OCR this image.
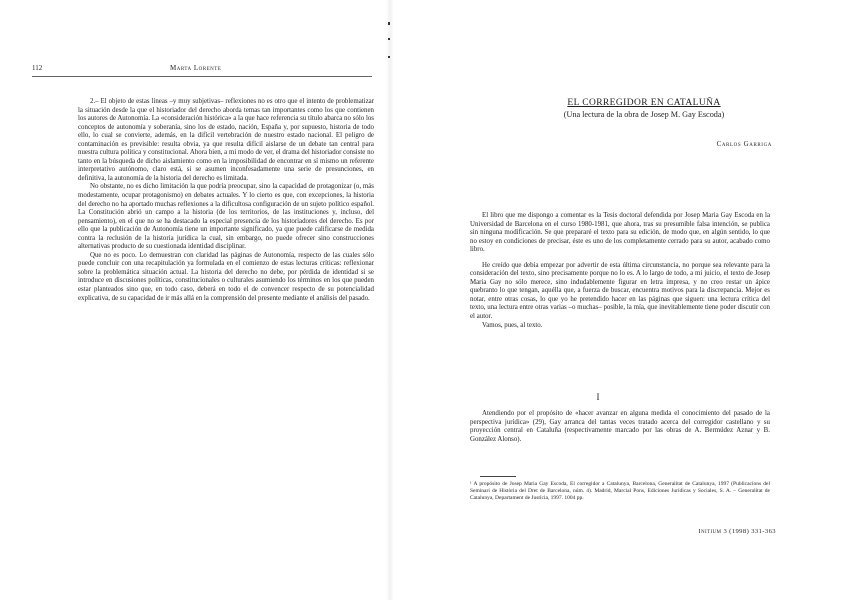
112	Marta Lorente

2.– El objeto de estas líneas –y muy subjetivas– reflexiones no es otro que el intento de problematizar la situación desde la que el historiador del derecho aborda temas tan importantes como los que contienen los autores de Autonomía. La «consideración histórica» a la que hace referencia su título abarca no sólo los conceptos de autonomía y soberanía, sino los de estado, nación, España y, por supuesto, historia de todo ello, lo cual se convierte, además, en la difícil vertebración de nuestro estado nacional. El peligro de contaminación es previsible: resulta obvia, ya que resulta difícil aislarse de un debate tan central para nuestra cultura política y constitucional. Ahora bien, a mi modo de ver, el drama del historiador consiste no tanto en la búsqueda de dicho aislamiento como en la imposibilidad de encontrar en sí mismo un referente interpretativo autónomo, claro está, si se asumen inconfesadamente una serie de presunciones, en definitiva, la autonomía de la historia del derecho es limitada.

No obstante, no es dicho limitación la que podría preocupar, sino la capacidad de protagonizar (o, más modestamente, ocupar protagonismo) en debates actuales. Y lo cierto es que, con excepciones, la historia del derecho no ha aportado muchas reflexiones a la dificultosa configuración de un sujeto político español. La Constitución abrió un campo a la historia (de los territorios, de las instituciones y, incluso, del pensamiento), en el que no se ha destacado la especial presencia de los historiadores del derecho. Es por ello que la publicación de Autonomía tiene un importante significado, ya que puede calificarse de medida contra la reclusión de la historia jurídica la cual, sin embargo, no puede ofrecer sino construcciones alternativas producto de su cuestionada identidad disciplinar.

Que no es poco. Lo demuestran con claridad las páginas de Autonomía, respecto de las cuales sólo puede concluir con una recapitulación ya formulada en el comienzo de estas lecturas críticas: reflexionar sobre la problemática situación actual. La historia del derecho no debe, por pérdida de identidad si se introduce en discusiones políticas, constitucionales o culturales asumiendo los términos en los que pueden estar planteados sino que, en todo caso, deberá en todo el de convencer respecto de su potencialidad explicativa, de su capacidad de ir más allá en la comprensión del presente mediante el análisis del pasado.

EL CORREGIDOR EN CATALUÑA
(Una lectura de la obra de Josep M. Gay Escoda)
Carlos Garriga

El libro que me dispongo a comentar es la Tesis doctoral defendida por Josep Maria Gay Escoda en la Universidad de Barcelona en el curso 1980-1981, que ahora, tras su presumible falsa intención, se publica sin ninguna modificación. Se que prepararé el texto para su edición, de modo que, en algún sentido, lo que no estoy en condiciones de precisar, éste es uno de los completamente cerrado para su autor, acabado como libro.

He creído que debía empezar por advertir de esta última circunstancia, no porque sea relevante para la consideración del texto, sino precisamente porque no lo es. A lo largo de todo, a mi juicio, el texto de Josep Maria Gay no sólo merece, sino indudablemente figurar en letra impresa, y no creo restar un ápice quebranto lo que tengan, aquélla que, a fuerza de buscar, encuentra motivos para la discrepancia. Mejor es notar, entre otras cosas, lo que yo he pretendido hacer en las páginas que siguen: una lectura crítica del texto, una lectura entre otras varias –o muchas– posible, la mía, que inevitablemente tiene poder discutir con el autor.

Vamos, pues, al texto.

I

Atendiendo por el propósito de «hacer avanzar en alguna medida el conocimiento del pasado de la perspectiva jurídica» (29), Gay arranca del tantas veces tratado acerca del corregidor castellano y su proyección central en Cataluña (respectivamente marcado por las obras de A. Bermúdez Aznar y B. González Alonso).

¹ A propósito de Josep Maria Gay Escoda, El corregidor a Catalunya, Barcelona, Generalitat de Catalunya, 1997 (Publicacions del Seminari de Història del Dret de Barcelona, núm. 4). Madrid, Marcial Pons, Ediciones Jurídicas y Sociales, S. A. – Generalitat de Catalunya, Departament de Justícia, 1997. 1004 pp.
Initium 3 (1998) 331-363
